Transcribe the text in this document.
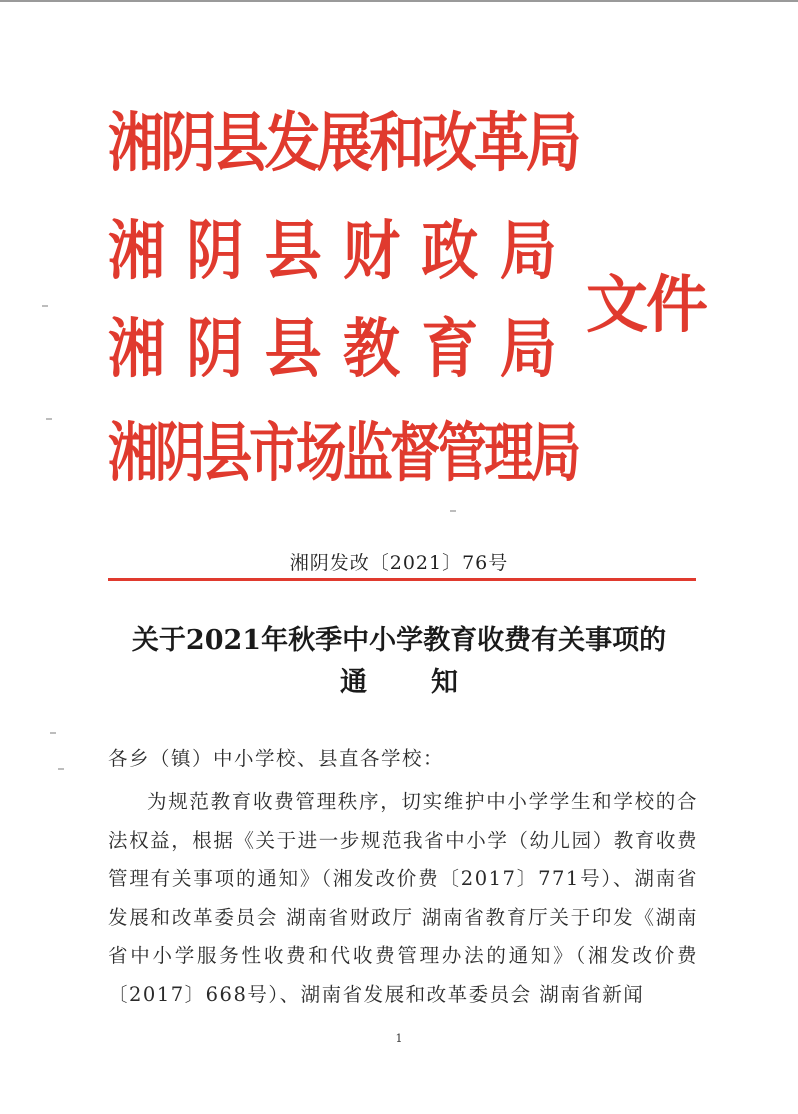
湘阴县发展和改革局
湘阴县财政局
湘阴县教育局
湘阴县市场监督管理局
文件
湘阴发改〔2021〕76号
关于2021年秋季中小学教育收费有关事项的
通知
各乡（镇）中小学校、县直各学校：
为规范教育收费管理秩序，切实维护中小学学生和学校的合法权益，根据《关于进一步规范我省中小学（幼儿园）教育收费管理有关事项的通知》（湘发改价费〔2017〕771号）、湖南省发展和改革委员会 湖南省财政厅 湖南省教育厅关于印发《湖南省中小学服务性收费和代收费管理办法的通知》（湘发改价费〔2017〕668号）、湖南省发展和改革委员会 湖南省新闻
1
